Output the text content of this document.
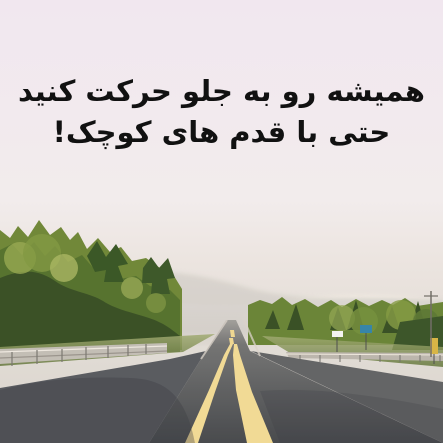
همیشه رو به جلو حرکت کنید
حتی با قدم های کوچک!
